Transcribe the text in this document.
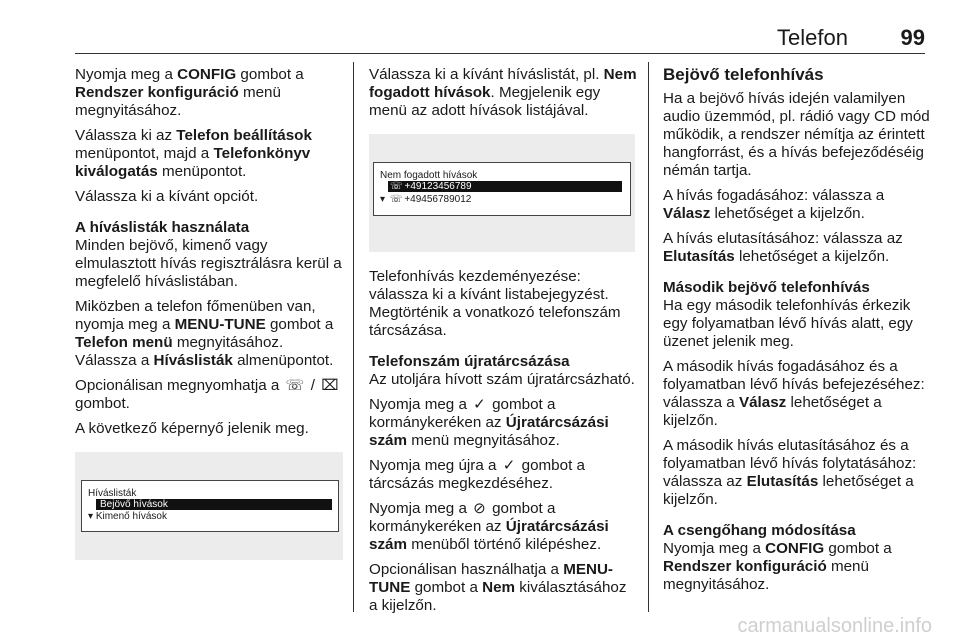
Telefon 99

Nyomja meg a CONFIG gombot a Rendszer konfiguráció menü megnyitásához.

Válassza ki az Telefon beállítások menüpontot, majd a Telefonkönyv kiválogatás menüpontot.

Válassza ki a kívánt opciót.

A híváslisták használata

Minden bejövő, kimenő vagy elmulasztott hívás regisztrálásra kerül a megfelelő híváslistában.

Miközben a telefon főmenüben van, nyomja meg a MENU-TUNE gombot a Telefon menü megnyitásához.

Válassza a Híváslisták almenüpontot.

Opcionálisan megnyomhatja a ☏ / ⌧
gombot.

A következő képernyő jelenik meg.

Híváslisták
Bejövő hívások
▾ Kimenő hívások

Válassza ki a kívánt híváslistát, pl. Nem fogadott hívások. Megjelenik egy menü az adott hívások listájával.

Nem fogadott hívások
☏ +49123456789
▾ ☏ +49456789012

Telefonhívás kezdeményezése: válassza ki a kívánt listabejegyzést. Megtörténik a vonatkozó telefonszám tárcsázása.

Telefonszám újratárcsázása

Az utoljára hívott szám újratárcsázható.

Nyomja meg a ✓ gombot a kormánykeréken az Újratárcsázási szám menü megnyitásához.

Nyomja meg újra a ✓ gombot a tárcsázás megkezdéséhez.

Nyomja meg a ⊘ gombot a kormánykeréken az Újratárcsázási szám menüből történő kilépéshez.

Opcionálisan használhatja a MENU-TUNE gombot a Nem kiválasztásához a kijelzőn.

Bejövő telefonhívás

Ha a bejövő hívás idején valamilyen audio üzemmód, pl. rádió vagy CD mód működik, a rendszer némítja az érintett hangforrást, és a hívás befejeződéséig némán tartja.

A hívás fogadásához: válassza a Válasz lehetőséget a kijelzőn.

A hívás elutasításához: válassza az Elutasítás lehetőséget a kijelzőn.

Második bejövő telefonhívás

Ha egy második telefonhívás érkezik egy folyamatban lévő hívás alatt, egy üzenet jelenik meg.

A második hívás fogadásához és a folyamatban lévő hívás befejezéséhez: válassza a Válasz lehetőséget a kijelzőn.

A második hívás elutasításához és a folyamatban lévő hívás folytatásához: válassza az Elutasítás lehetőséget a kijelzőn.

A csengőhang módosítása

Nyomja meg a CONFIG gombot a Rendszer konfiguráció menü megnyitásához.

carmanualsonline.info
